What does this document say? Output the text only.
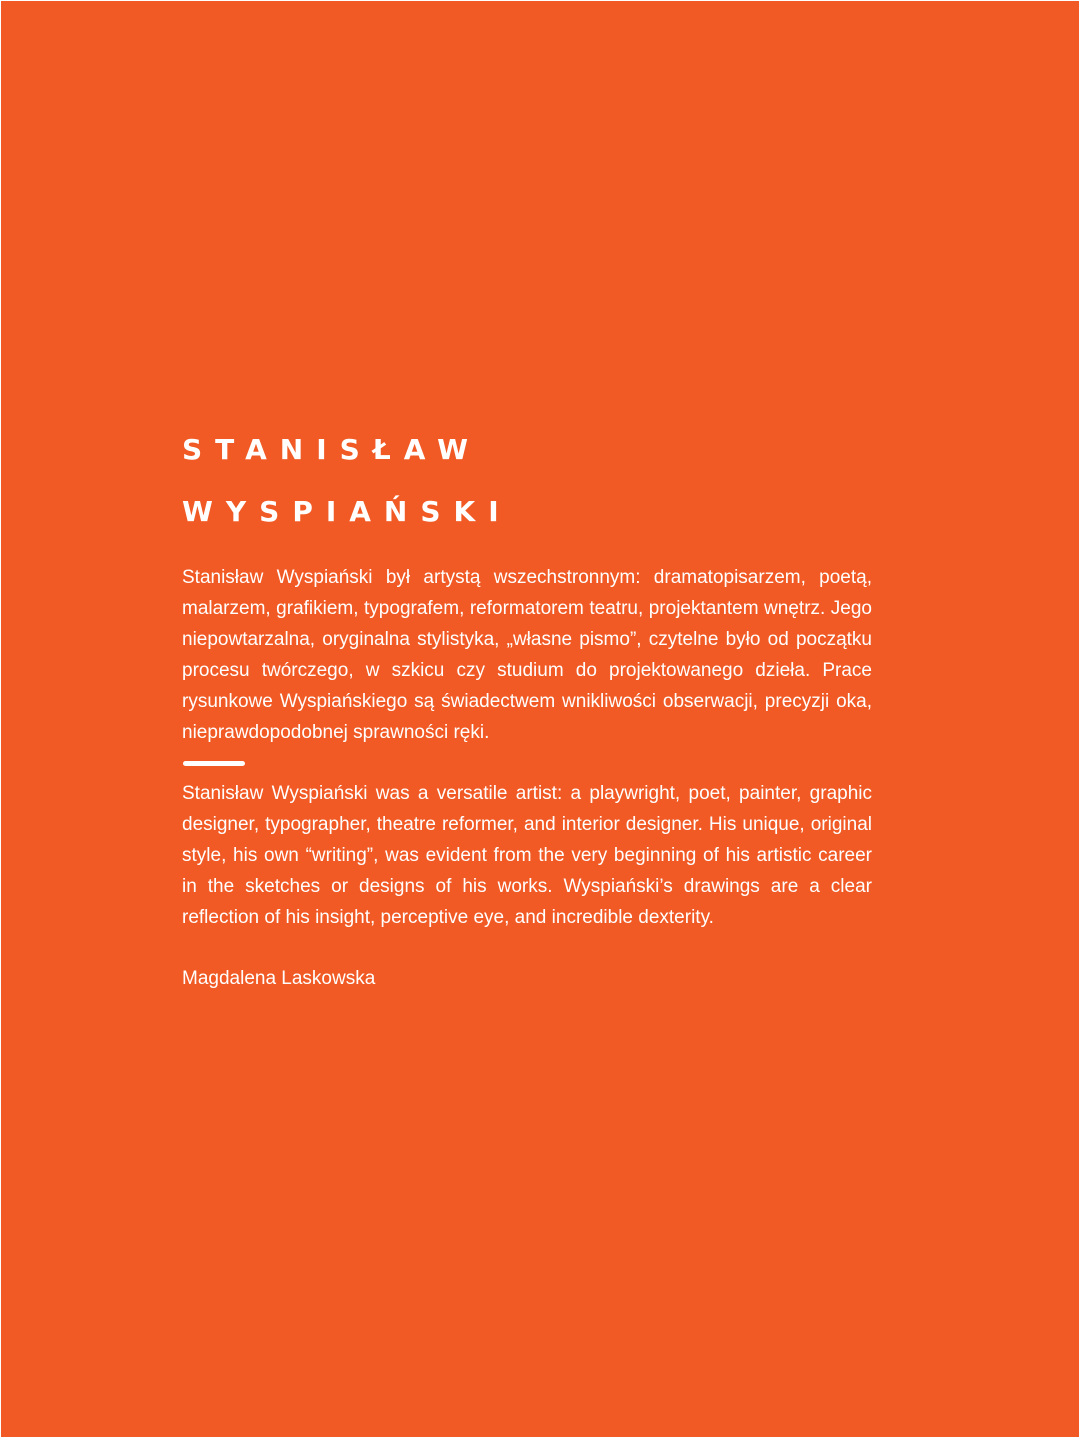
STANISŁAW
WYSPIAŃSKI

Stanisław Wyspiański był artystą wszechstronnym: dramatopisarzem, poetą, malarzem, grafikiem, typografem, reformatorem teatru, projektantem wnętrz. Jego niepowtarzalna, oryginalna stylistyka, „własne pismo”, czytelne było od początku procesu twórczego, w szkicu czy studium do projektowanego dzieła. Prace rysunkowe Wyspiańskiego są świadectwem wnikliwości obserwacji, precyzji oka, nieprawdopodobnej sprawności ręki.

Stanisław Wyspiański was a versatile artist: a playwright, poet, painter, graphic designer, typographer, theatre reformer, and interior designer. His unique, original style, his own “writing”, was evident from the very beginning of his artistic career in the sketches or designs of his works. Wyspiański’s drawings are a clear reflection of his insight, perceptive eye, and incredible dexterity.

Magdalena Laskowska
